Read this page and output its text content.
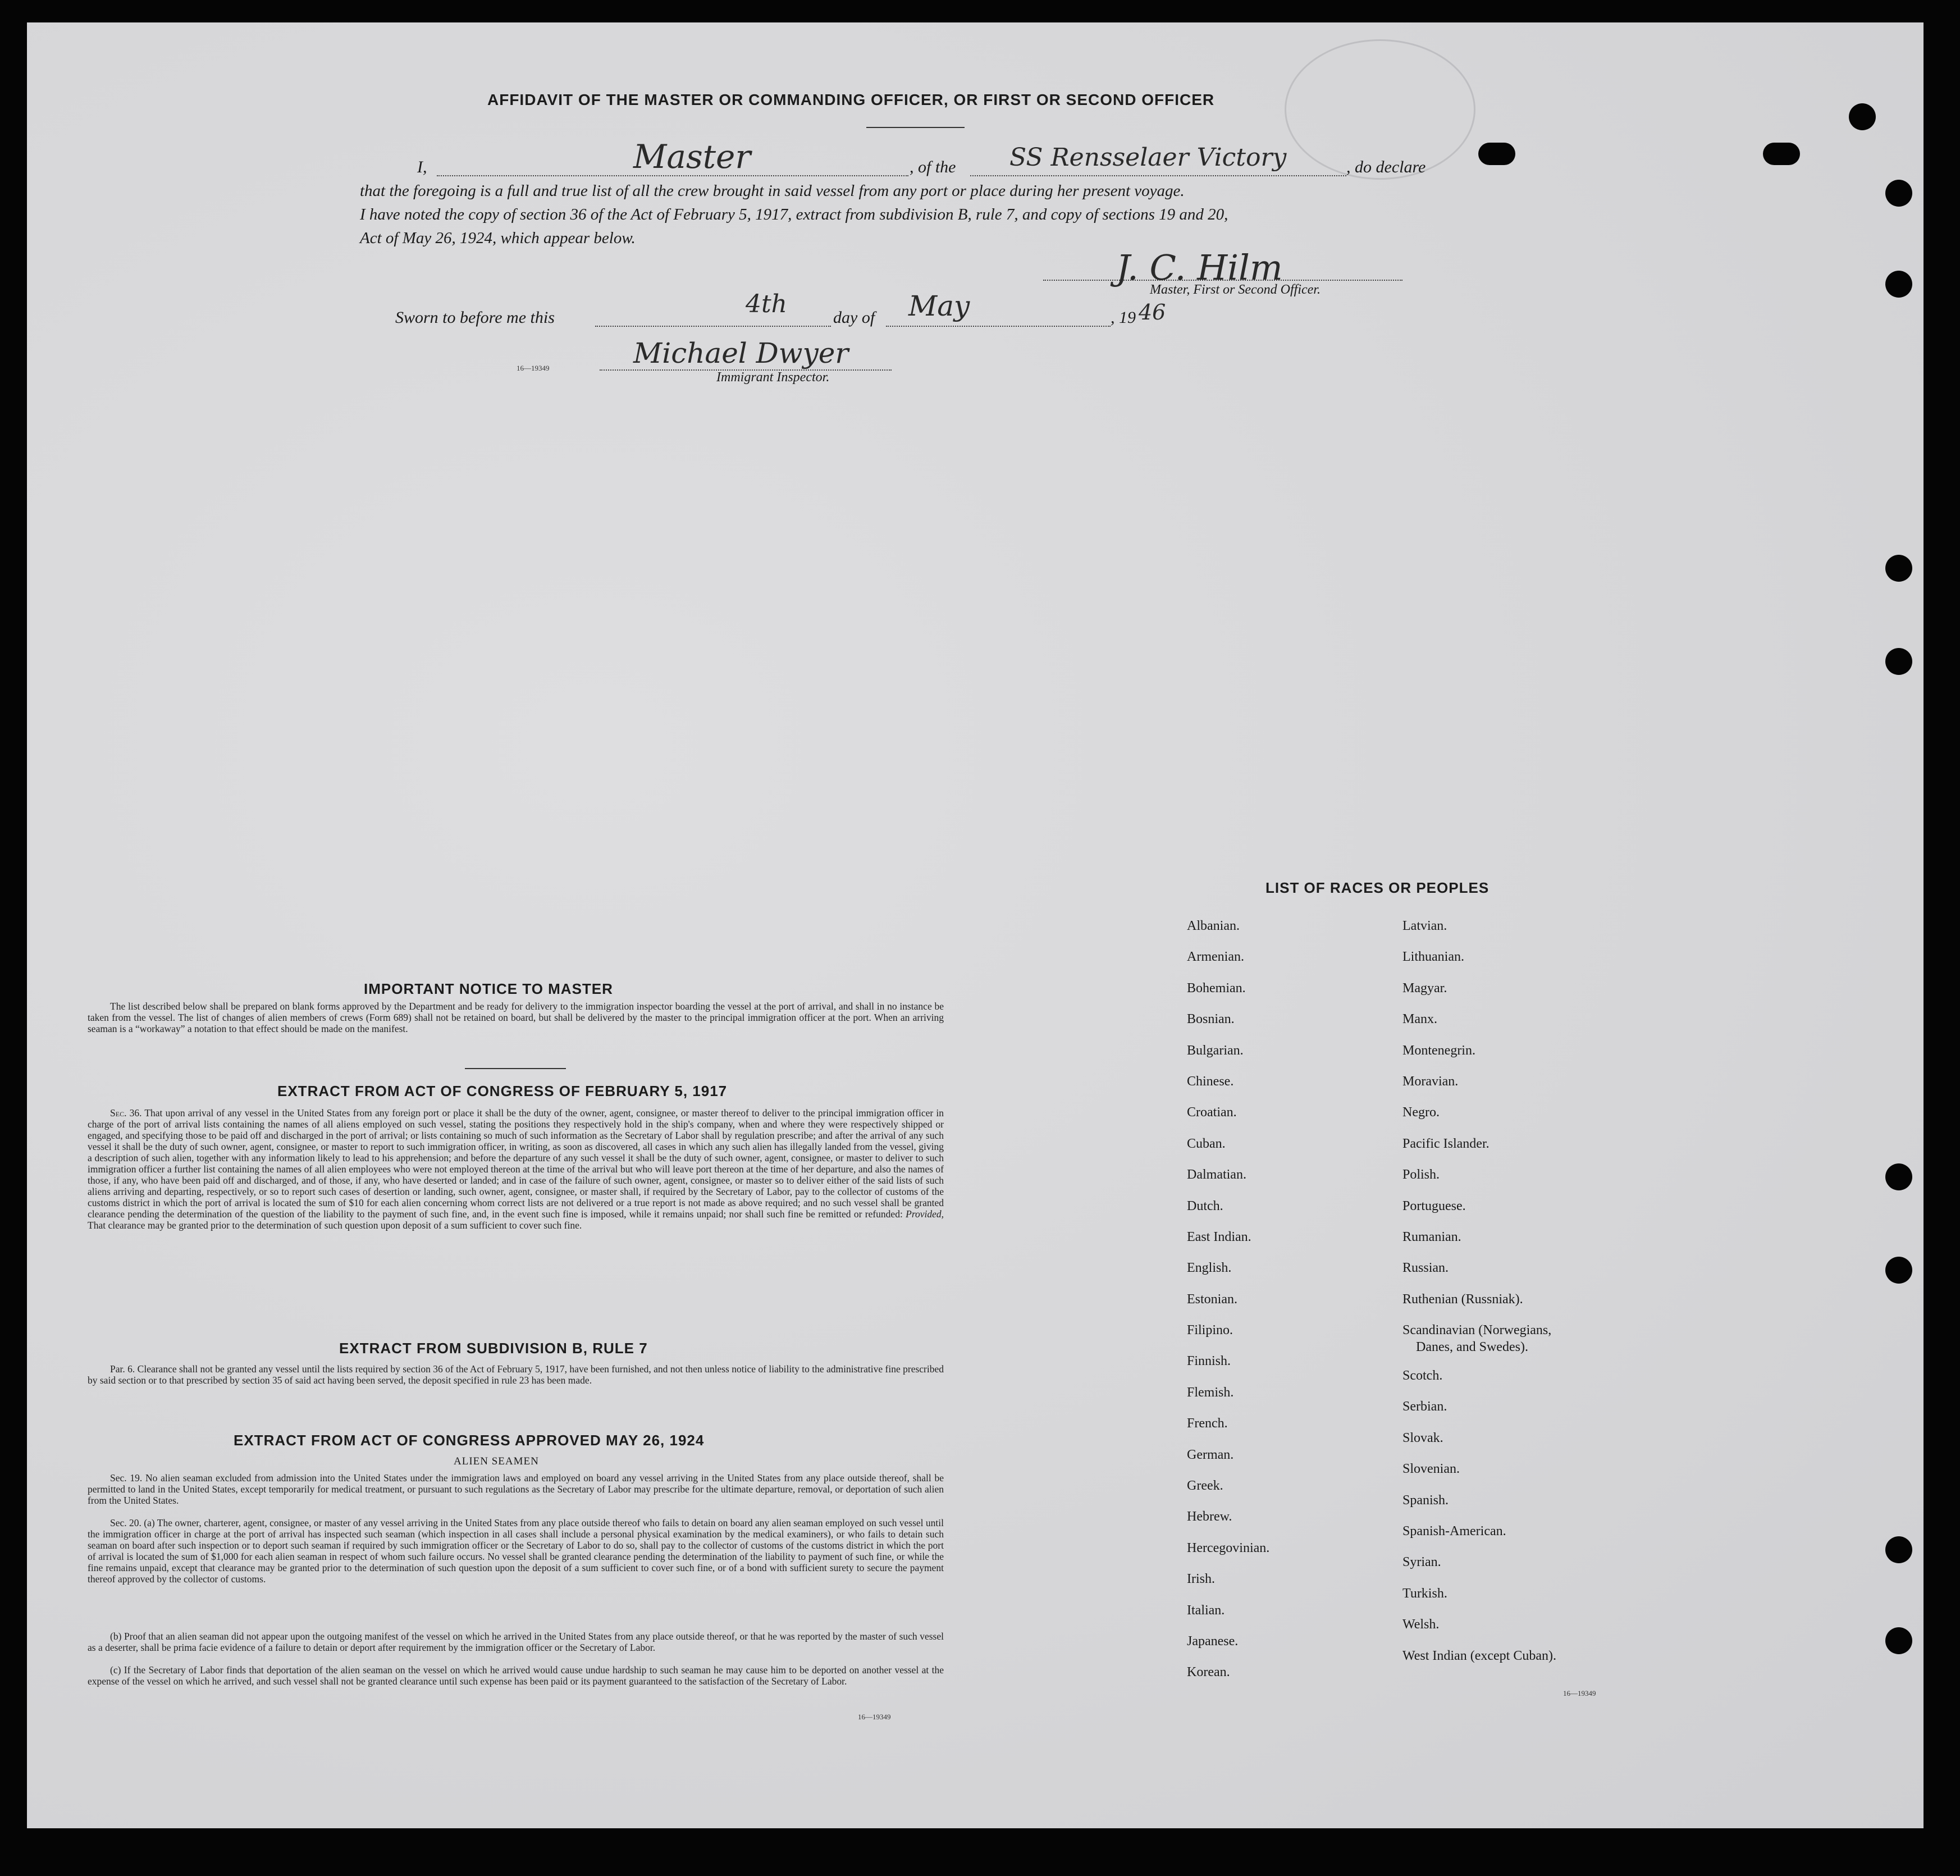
AFFIDAVIT OF THE MASTER OR COMMANDING OFFICER, OR FIRST OR SECOND OFFICER
I,	Master	, of the SS Rensselaer Victory	, do declare
that the foregoing is a full and true list of all the crew brought in said vessel from any port or place during her present voyage.
I have noted the copy of section 36 of the Act of February 5, 1917, extract from subdivision B, rule 7, and copy of sections 19 and 20,
Act of May 26, 1924, which appear below.
J. C. Hilm
Master, First or Second Officer.
Sworn to before me this	4th	day of May	, 19 46
Michael Dwyer
16—19349
Immigrant Inspector.
IMPORTANT NOTICE TO MASTER
The list described below shall be prepared on blank forms approved by the Department and be ready for delivery to the immigration inspector boarding the vessel at the port of arrival, and shall in no instance be taken from the vessel. The list of changes of alien members of crews (Form 689) shall not be retained on board, but shall be delivered by the master to the principal immigration officer at the port. When an arriving seaman is a “workaway” a notation to that effect should be made on the manifest.
EXTRACT FROM ACT OF CONGRESS OF FEBRUARY 5, 1917
Sec. 36. That upon arrival of any vessel in the United States from any foreign port or place it shall be the duty of the owner, agent, consignee, or master thereof to deliver to the principal immigration officer in charge of the port of arrival lists containing the names of all aliens employed on such vessel, stating the positions they respectively hold in the ship's company, when and where they were respectively shipped or engaged, and specifying those to be paid off and discharged in the port of arrival; or lists containing so much of such information as the Secretary of Labor shall by regulation prescribe; and after the arrival of any such vessel it shall be the duty of such owner, agent, consignee, or master to report to such immigration officer, in writing, as soon as discovered, all cases in which any such alien has illegally landed from the vessel, giving a description of such alien, together with any information likely to lead to his apprehension; and before the departure of any such vessel it shall be the duty of such owner, agent, consignee, or master to deliver to such immigration officer a further list containing the names of all alien employees who were not employed thereon at the time of the arrival but who will leave port thereon at the time of her departure, and also the names of those, if any, who have been paid off and discharged, and of those, if any, who have deserted or landed; and in case of the failure of such owner, agent, consignee, or master so to deliver either of the said lists of such aliens arriving and departing, respectively, or so to report such cases of desertion or landing, such owner, agent, consignee, or master shall, if required by the Secretary of Labor, pay to the collector of customs of the customs district in which the port of arrival is located the sum of $10 for each alien concerning whom correct lists are not delivered or a true report is not made as above required; and no such vessel shall be granted clearance pending the determination of the question of the liability to the payment of such fine, and, in the event such fine is imposed, while it remains unpaid; nor shall such fine be remitted or refunded: Provided, That clearance may be granted prior to the determination of such question upon deposit of a sum sufficient to cover such fine.
EXTRACT FROM SUBDIVISION B, RULE 7
Par. 6. Clearance shall not be granted any vessel until the lists required by section 36 of the Act of February 5, 1917, have been furnished, and not then unless notice of liability to the administrative fine prescribed by said section or to that prescribed by section 35 of said act having been served, the deposit specified in rule 23 has been made.
EXTRACT FROM ACT OF CONGRESS APPROVED MAY 26, 1924
ALIEN SEAMEN
Sec. 19. No alien seaman excluded from admission into the United States under the immigration laws and employed on board any vessel arriving in the United States from any place outside thereof, shall be permitted to land in the United States, except temporarily for medical treatment, or pursuant to such regulations as the Secretary of Labor may prescribe for the ultimate departure, removal, or deportation of such alien from the United States.
Sec. 20. (a) The owner, charterer, agent, consignee, or master of any vessel arriving in the United States from any place outside thereof who fails to detain on board any alien seaman employed on such vessel until the immigration officer in charge at the port of arrival has inspected such seaman (which inspection in all cases shall include a personal physical examination by the medical examiners), or who fails to detain such seaman on board after such inspection or to deport such seaman if required by such immigration officer or the Secretary of Labor to do so, shall pay to the collector of customs of the customs district in which the port of arrival is located the sum of $1,000 for each alien seaman in respect of whom such failure occurs. No vessel shall be granted clearance pending the determination of the liability to payment of such fine, or while the fine remains unpaid, except that clearance may be granted prior to the determination of such question upon the deposit of a sum sufficient to cover such fine, or of a bond with sufficient surety to secure the payment thereof approved by the collector of customs.
(b) Proof that an alien seaman did not appear upon the outgoing manifest of the vessel on which he arrived in the United States from any place outside thereof, or that he was reported by the master of such vessel as a deserter, shall be prima facie evidence of a failure to detain or deport after requirement by the immigration officer or the Secretary of Labor.
(c) If the Secretary of Labor finds that deportation of the alien seaman on the vessel on which he arrived would cause undue hardship to such seaman he may cause him to be deported on another vessel at the expense of the vessel on which he arrived, and such vessel shall not be granted clearance until such expense has been paid or its payment guaranteed to the satisfaction of the Secretary of Labor.
16—19349
LIST OF RACES OR PEOPLES
Albanian.
Armenian.
Bohemian.
Bosnian.
Bulgarian.
Chinese.
Croatian.
Cuban.
Dalmatian.
Dutch.
East Indian.
English.
Estonian.
Filipino.
Finnish.
Flemish.
French.
German.
Greek.
Hebrew.
Hercegovinian.
Irish.
Italian.
Japanese.
Korean.
Latvian.
Lithuanian.
Magyar.
Manx.
Montenegrin.
Moravian.
Negro.
Pacific Islander.
Polish.
Portuguese.
Rumanian.
Russian.
Ruthenian (Russniak).
Scandinavian (Norwegians,
Danes, and Swedes).
Scotch.
Serbian.
Slovak.
Slovenian.
Spanish.
Spanish-American.
Syrian.
Turkish.
Welsh.
West Indian (except Cuban).
16—19349
